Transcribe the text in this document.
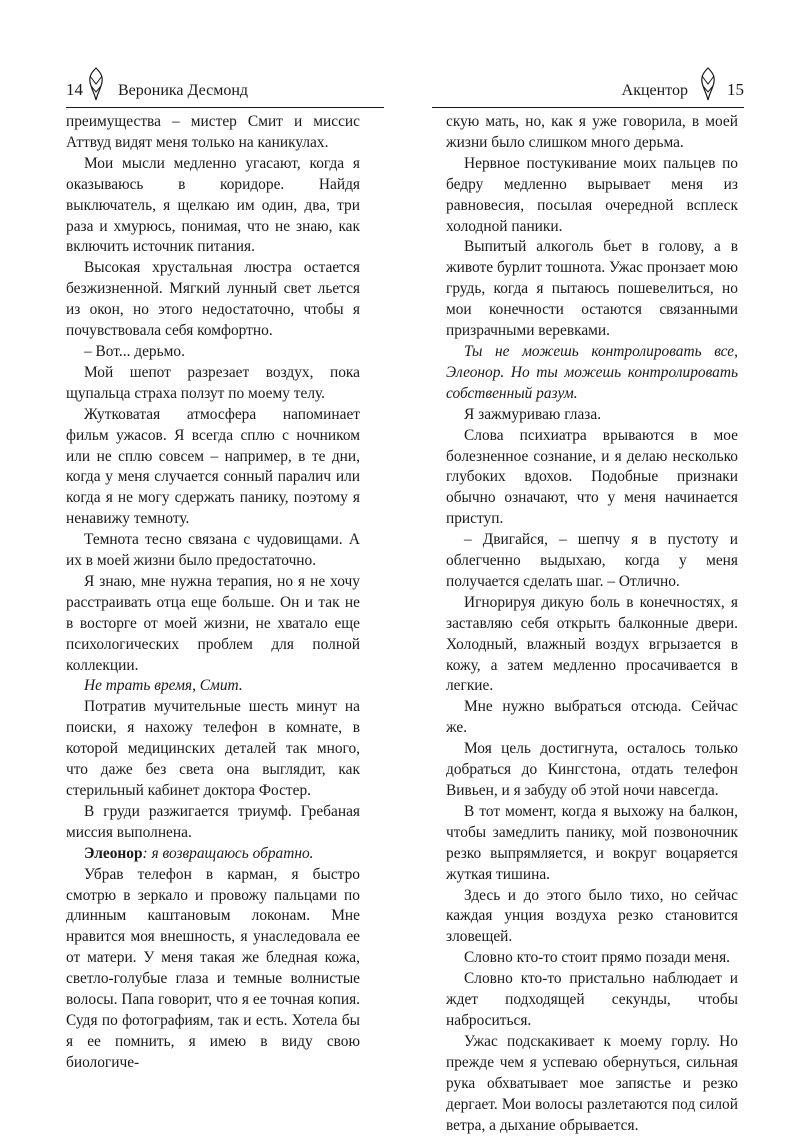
14 Вероника Десмонд

преимущества – мистер Смит и миссис Аттвуд видят меня только на каникулах.

Мои мысли медленно угасают, когда я оказываюсь в коридоре. Найдя выключатель, я щелкаю им один, два, три раза и хмурюсь, понимая, что не знаю, как включить источник питания.

Высокая хрустальная люстра остается безжизненной. Мягкий лунный свет льется из окон, но этого недостаточно, чтобы я почувствовала себя комфортно.

– Вот... дерьмо.

Мой шепот разрезает воздух, пока щупальца страха ползут по моему телу.

Жутковатая атмосфера напоминает фильм ужасов. Я всегда сплю с ночником или не сплю совсем – например, в те дни, когда у меня случается сонный паралич или когда я не могу сдержать панику, поэтому я ненавижу темноту.

Темнота тесно связана с чудовищами. А их в моей жизни было предостаточно.

Я знаю, мне нужна терапия, но я не хочу расстраивать отца еще больше. Он и так не в восторге от моей жизни, не хватало еще психологических проблем для полной коллекции.

Не трать время, Смит.

Потратив мучительные шесть минут на поиски, я нахожу телефон в комнате, в которой медицинских деталей так много, что даже без света она выглядит, как стерильный кабинет доктора Фостер.

В груди разжигается триумф. Гребаная миссия выполнена.

Элеонор: я возвращаюсь обратно.

Убрав телефон в карман, я быстро смотрю в зеркало и провожу пальцами по длинным каштановым локонам. Мне нравится моя внешность, я унаследовала ее от матери. У меня такая же бледная кожа, светло-голубые глаза и темные волнистые волосы. Папа говорит, что я ее точная копия. Судя по фотографиям, так и есть. Хотела бы я ее помнить, я имею в виду свою биологиче-

Акцентор 15

скую мать, но, как я уже говорила, в моей жизни было слишком много дерьма.

Нервное постукивание моих пальцев по бедру медленно вырывает меня из равновесия, посылая очередной всплеск холодной паники.

Выпитый алкоголь бьет в голову, а в животе бурлит тошнота. Ужас пронзает мою грудь, когда я пытаюсь пошевелиться, но мои конечности остаются связанными призрачными веревками.

Ты не можешь контролировать все, Элеонор. Но ты можешь контролировать собственный разум.

Я зажмуриваю глаза.

Слова психиатра врываются в мое болезненное сознание, и я делаю несколько глубоких вдохов. Подобные признаки обычно означают, что у меня начинается приступ.

– Двигайся, – шепчу я в пустоту и облегченно выдыхаю, когда у меня получается сделать шаг. – Отлично.

Игнорируя дикую боль в конечностях, я заставляю себя открыть балконные двери. Холодный, влажный воздух вгрызается в кожу, а затем медленно просачивается в легкие.

Мне нужно выбраться отсюда. Сейчас же.

Моя цель достигнута, осталось только добраться до Кингстона, отдать телефон Вивьен, и я забуду об этой ночи навсегда.

В тот момент, когда я выхожу на балкон, чтобы замедлить панику, мой позвоночник резко выпрямляется, и вокруг воцаряется жуткая тишина.

Здесь и до этого было тихо, но сейчас каждая унция воздуха резко становится зловещей.

Словно кто-то стоит прямо позади меня.

Словно кто-то пристально наблюдает и ждет подходящей секунды, чтобы наброситься.

Ужас подскакивает к моему горлу. Но прежде чем я успеваю обернуться, сильная рука обхватывает мое запястье и резко дергает. Мои волосы разлетаются под силой ветра, а дыхание обрывается.
